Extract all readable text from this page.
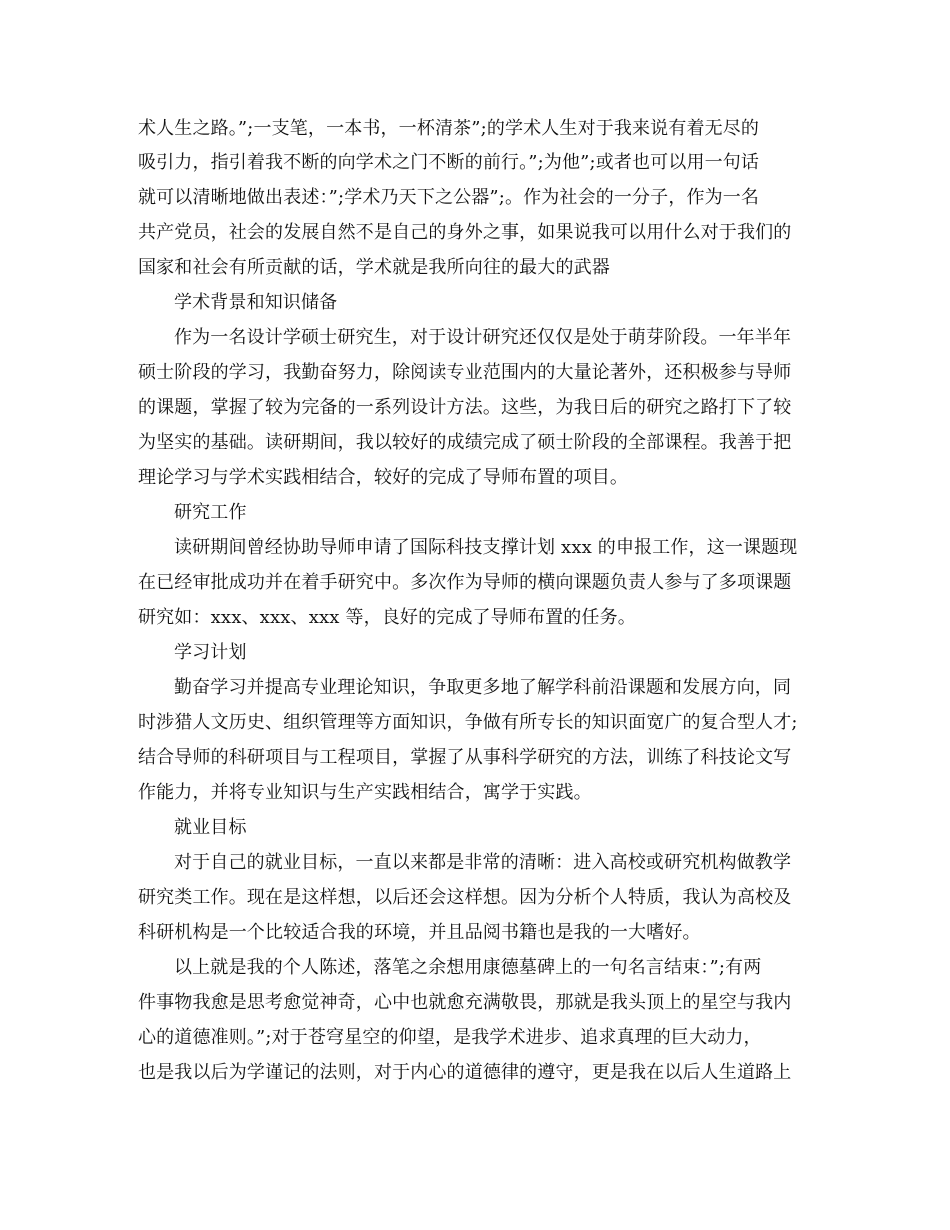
术人生之路。”;一支笔，一本书，一杯清茶”;的学术人生对于我来说有着无尽的
吸引力，指引着我不断的向学术之门不断的前行。”;为他”;或者也可以用一句话
就可以清晰地做出表述：”;学术乃天下之公器”;。作为社会的一分子，作为一名
共产党员，社会的发展自然不是自己的身外之事，如果说我可以用什么对于我们的
国家和社会有所贡献的话，学术就是我所向往的最大的武器
学术背景和知识储备
作为一名设计学硕士研究生，对于设计研究还仅仅是处于萌芽阶段。一年半年
硕士阶段的学习，我勤奋努力，除阅读专业范围内的大量论著外，还积极参与导师
的课题，掌握了较为完备的一系列设计方法。这些，为我日后的研究之路打下了较
为坚实的基础。读研期间，我以较好的成绩完成了硕士阶段的全部课程。我善于把
理论学习与学术实践相结合，较好的完成了导师布置的项目。
研究工作
读研期间曾经协助导师申请了国际科技支撑计划 xxx 的申报工作，这一课题现
在已经审批成功并在着手研究中。多次作为导师的横向课题负责人参与了多项课题
研究如：xxx、xxx、xxx 等，良好的完成了导师布置的任务。
学习计划
勤奋学习并提高专业理论知识，争取更多地了解学科前沿课题和发展方向，同
时涉猎人文历史、组织管理等方面知识，争做有所专长的知识面宽广的复合型人才;
结合导师的科研项目与工程项目，掌握了从事科学研究的方法，训练了科技论文写
作能力，并将专业知识与生产实践相结合，寓学于实践。
就业目标
对于自己的就业目标，一直以来都是非常的清晰：进入高校或研究机构做教学
研究类工作。现在是这样想，以后还会这样想。因为分析个人特质，我认为高校及
科研机构是一个比较适合我的环境，并且品阅书籍也是我的一大嗜好。
以上就是我的个人陈述，落笔之余想用康德墓碑上的一句名言结束：”;有两
件事物我愈是思考愈觉神奇，心中也就愈充满敬畏，那就是我头顶上的星空与我内
心的道德准则。”;对于苍穹星空的仰望，是我学术进步、追求真理的巨大动力，
也是我以后为学谨记的法则，对于内心的道德律的遵守，更是我在以后人生道路上
